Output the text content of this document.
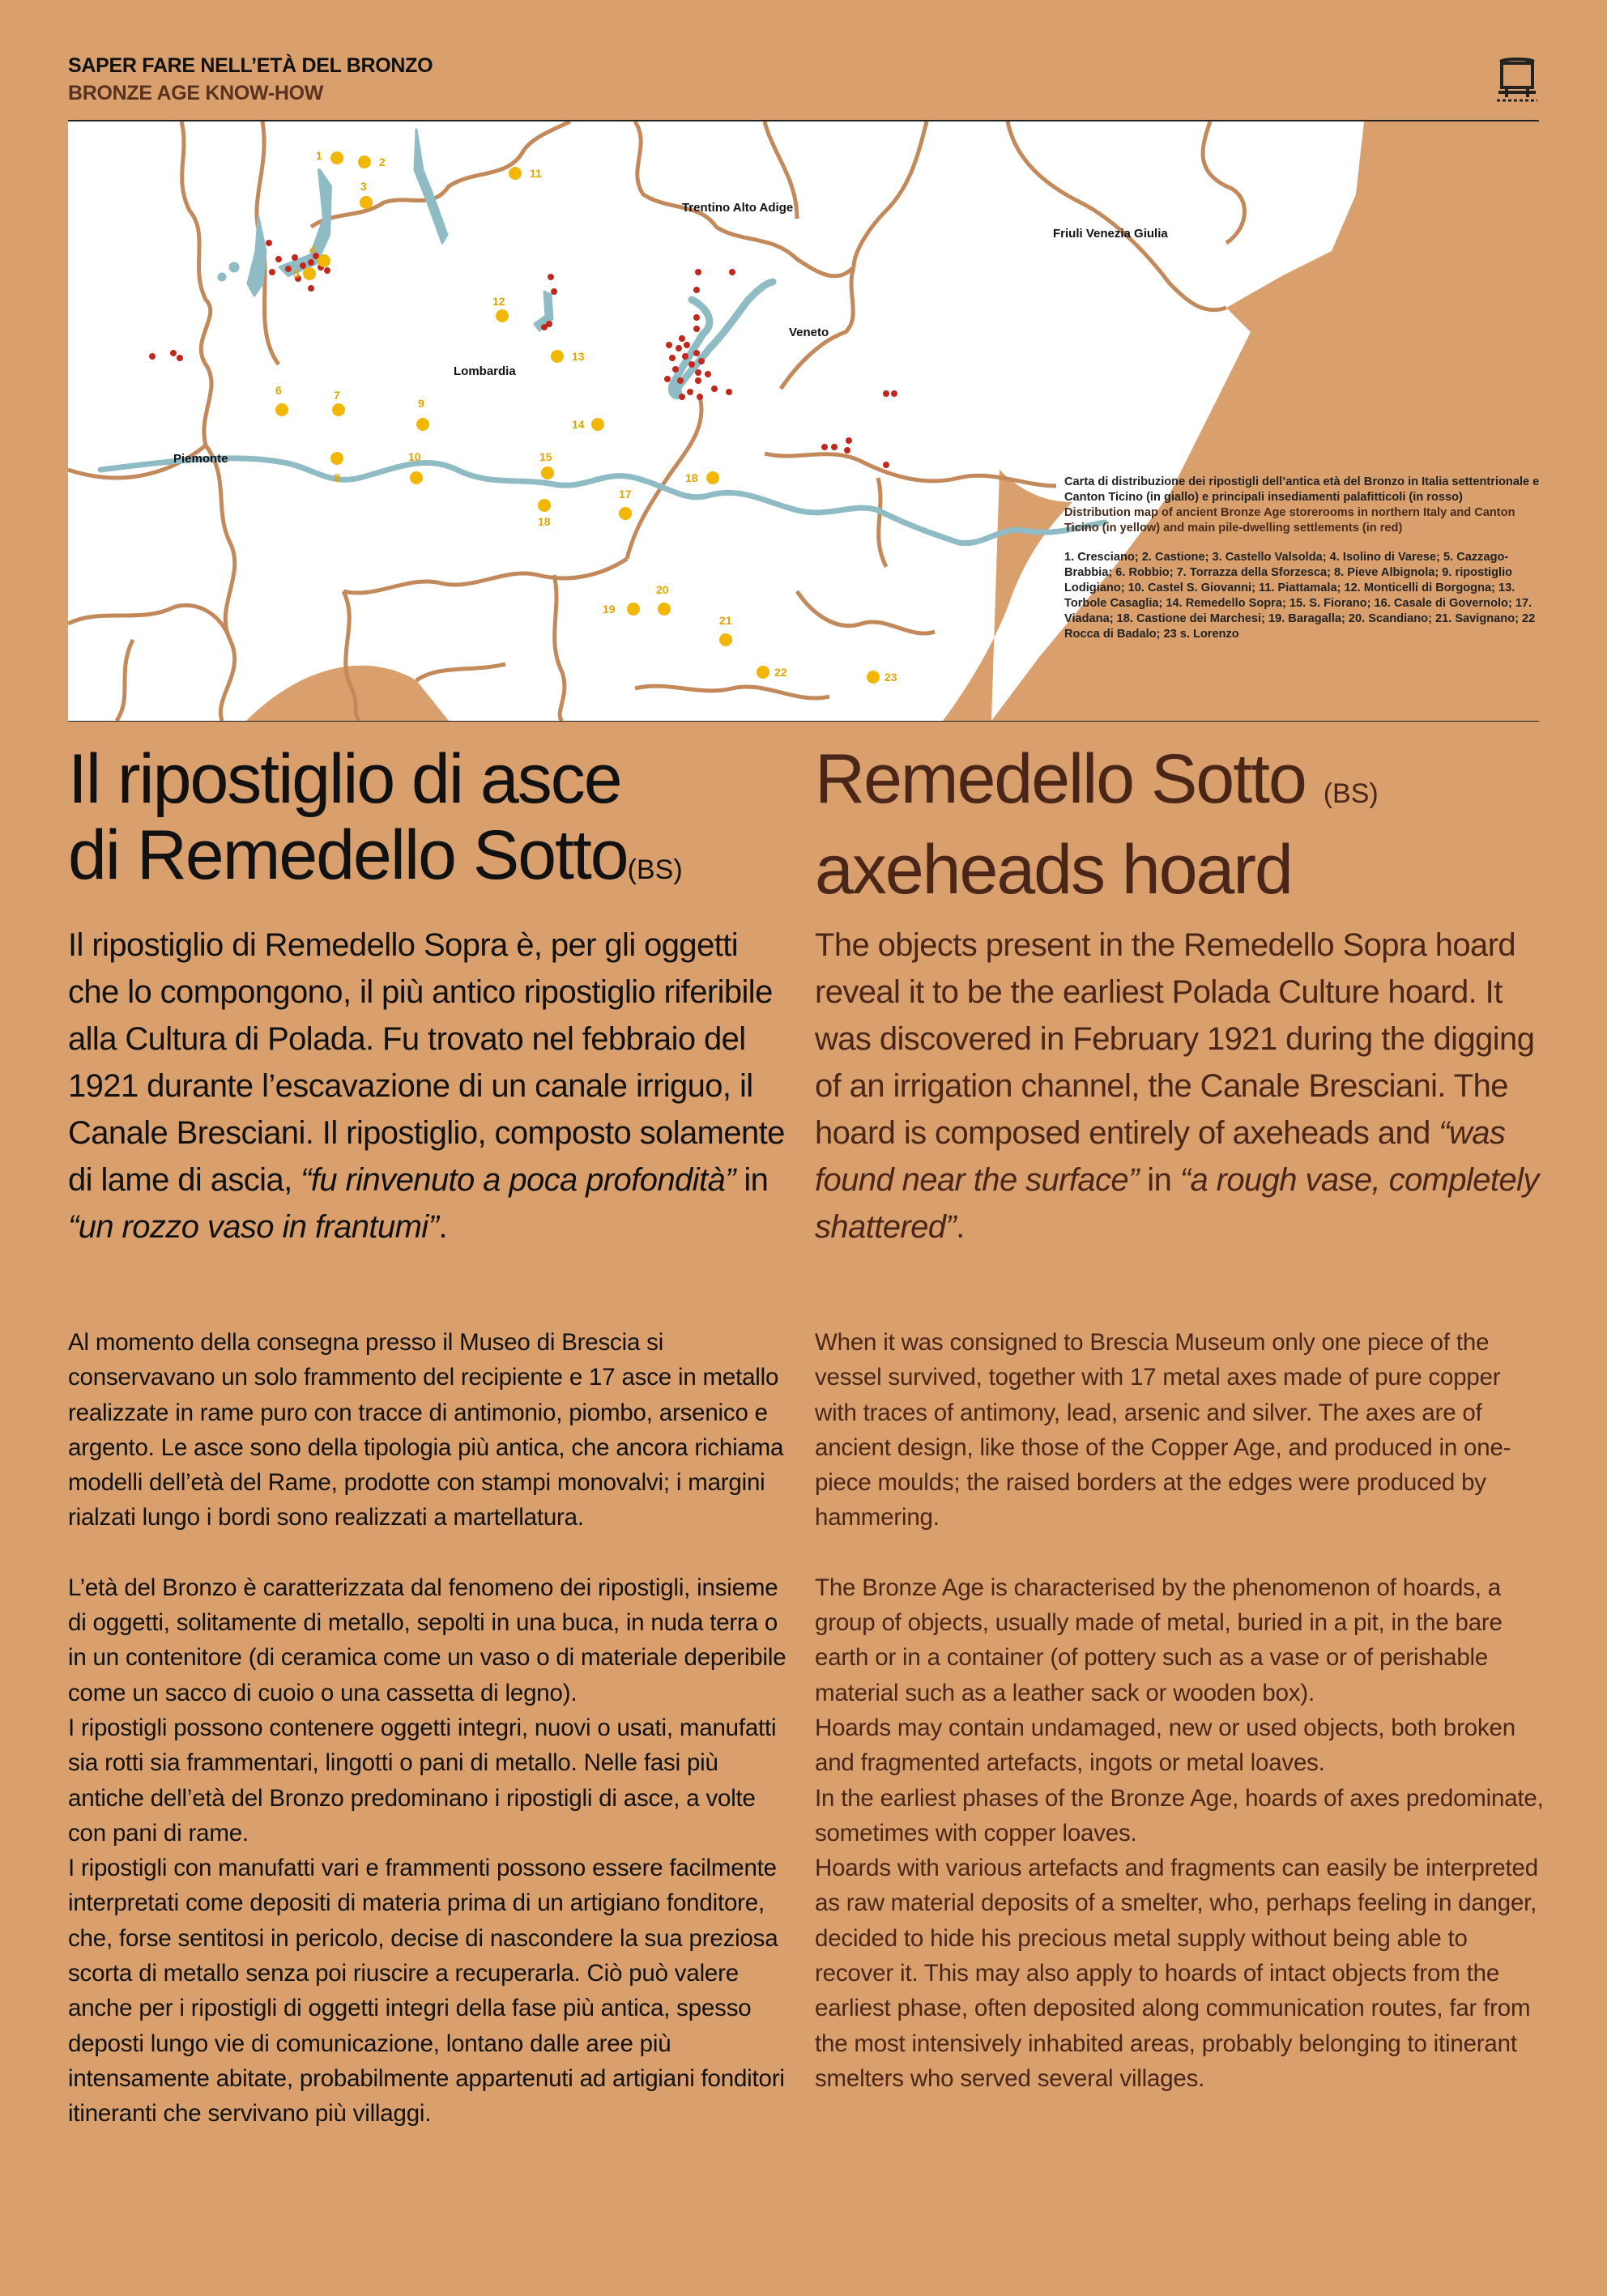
SAPER FARE NELL’ETÀ DEL BRONZO
BRONZE AGE KNOW-HOW
Trentino Alto Adige
Friuli Venezia Giulia
Lombardia
Veneto
Piemonte
1	2
3
4
5
6	7
8
9
10
11
12
13
14
15
17
18
18
19
20
21
22	23
Carta di distribuzione dei ripostigli dell’antica età del Bronzo in Italia settentrionale e Canton Ticino (in giallo) e principali insediamenti palafitticoli (in rosso)
Distribution map of ancient Bronze Age storerooms in northern Italy and Canton Ticino (in yellow) and main pile-dwelling settlements (in red)
1. Cresciano; 2. Castione; 3. Castello Valsolda; 4. Isolino di Varese; 5. Cazzago-Brabbia; 6. Robbio; 7. Torrazza della Sforzesca; 8. Pieve Albignola; 9. ripostiglio Lodigiano; 10. Castel S. Giovanni; 11. Piattamala; 12. Monticelli di Borgogna; 13. Torbole Casaglia; 14. Remedello Sopra; 15. S. Fiorano; 16. Casale di Governolo; 17. Viadana; 18. Castione dei Marchesi; 19. Baragalla; 20. Scandiano; 21. Savignano; 22 Rocca di Badalo; 23 s. Lorenzo
Il ripostiglio di asce
di Remedello Sotto(BS)
Remedello Sotto (BS)
axeheads hoard
Il ripostiglio di Remedello Sopra è, per gli oggetti che lo compongono, il più antico ripostiglio riferibile alla Cultura di Polada. Fu trovato nel febbraio del 1921 durante l’escavazione di un canale irriguo, il Canale Bresciani. Il ripostiglio, composto solamente di lame di ascia, “fu rinvenuto a poca profondità” in “un rozzo vaso in frantumi”.
The objects present in the Remedello Sopra hoard reveal it to be the earliest Polada Culture hoard. It was discovered in February 1921 during the digging of an irrigation channel, the Canale Bresciani. The hoard is composed entirely of axeheads and “was found near the surface” in “a rough vase, completely shattered”.

Al momento della consegna presso il Museo di Brescia si conservavano un solo frammento del recipiente e 17 asce in metallo realizzate in rame puro con tracce di antimonio, piombo, arsenico e argento. Le asce sono della tipologia più antica, che ancora richiama modelli dell’età del Rame, prodotte con stampi monovalvi; i margini rialzati lungo i bordi sono realizzati a martellatura.

L’età del Bronzo è caratterizzata dal fenomeno dei ripostigli, insieme di oggetti, solitamente di metallo, sepolti in una buca, in nuda terra o in un contenitore (di ceramica come un vaso o di materiale deperibile come un sacco di cuoio o una cassetta di legno).
I ripostigli possono contenere oggetti integri, nuovi o usati, manufatti sia rotti sia frammentari, lingotti o pani di metallo. Nelle fasi più antiche dell’età del Bronzo predominano i ripostigli di asce, a volte con pani di rame.
I ripostigli con manufatti vari e frammenti possono essere facilmente interpretati come depositi di materia prima di un artigiano fonditore, che, forse sentitosi in pericolo, decise di nascondere la sua preziosa scorta di metallo senza poi riuscire a recuperarla. Ciò può valere anche per i ripostigli di oggetti integri della fase più antica, spesso deposti lungo vie di comunicazione, lontano dalle aree più intensamente abitate, probabilmente appartenuti ad artigiani fonditori itineranti che servivano più villaggi.

When it was consigned to Brescia Museum only one piece of the vessel survived, together with 17 metal axes made of pure copper with traces of antimony, lead, arsenic and silver. The axes are of ancient design, like those of the Copper Age, and produced in one-piece moulds; the raised borders at the edges were produced by hammering.

The Bronze Age is characterised by the phenomenon of hoards, a group of objects, usually made of metal, buried in a pit, in the bare earth or in a container (of pottery such as a vase or of perishable material such as a leather sack or wooden box).
Hoards may contain undamaged, new or used objects, both broken and fragmented artefacts, ingots or metal loaves.
In the earliest phases of the Bronze Age, hoards of axes predominate, sometimes with copper loaves.
Hoards with various artefacts and fragments can easily be interpreted as raw material deposits of a smelter, who, perhaps feeling in danger, decided to hide his precious metal supply without being able to recover it. This may also apply to hoards of intact objects from the earliest phase, often deposited along communication routes, far from the most intensively inhabited areas, probably belonging to itinerant smelters who served several villages.
